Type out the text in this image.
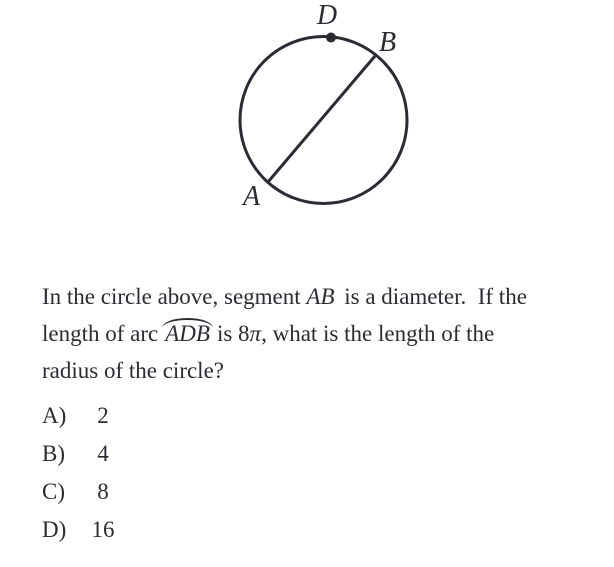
D
B
A

In the circle above, segment AB is a diameter.  If the

length of arc ADB is 8π, what is the length of the

radius of the circle?

A)	2
B)	4
C)	8
D)	16
